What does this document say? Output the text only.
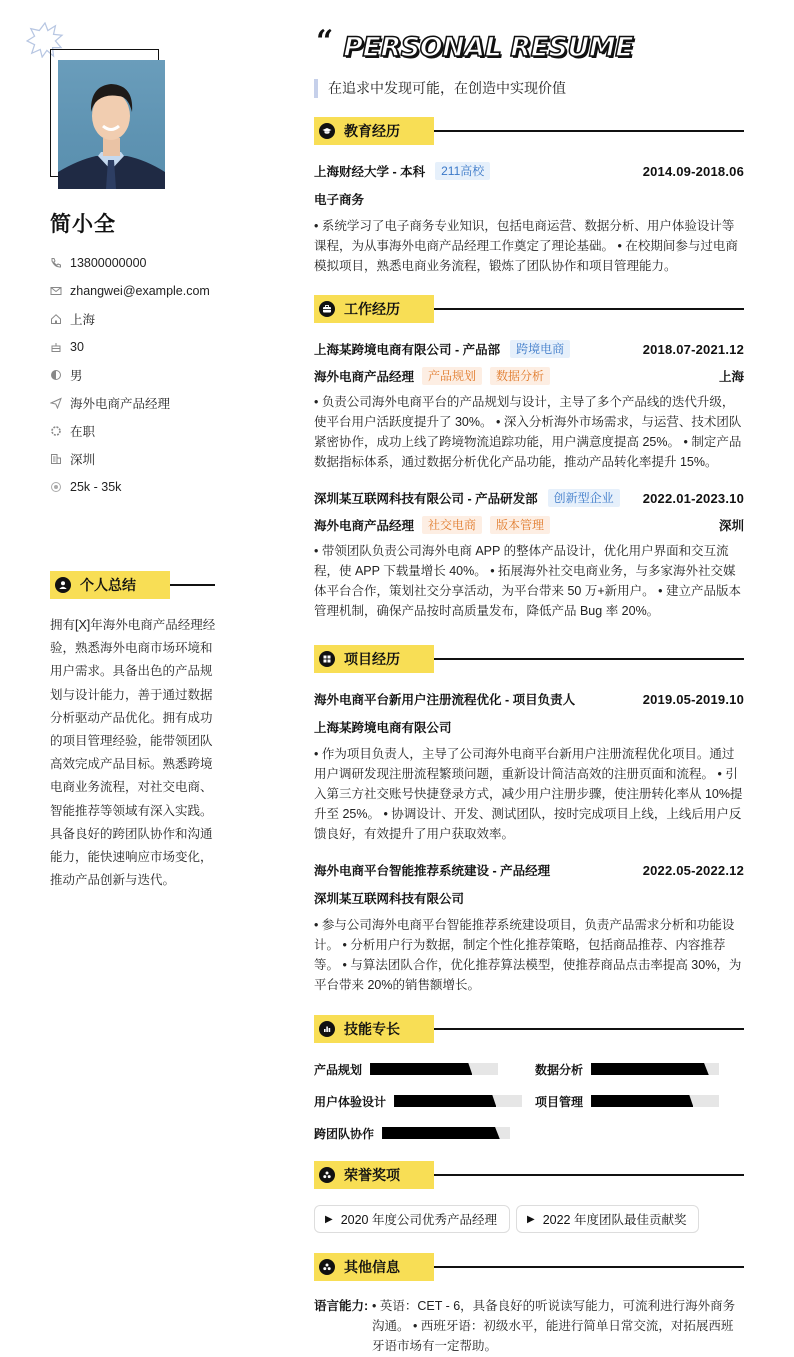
简小全
13800000000
zhangwei@example.com
上海
30
男
海外电商产品经理
在职
深圳
25k - 35k
个人总结
拥有[X]年海外电商产品经理经验，熟悉海外电商市场环境和用户需求。具备出色的产品规划与设计能力，善于通过数据分析驱动产品优化。拥有成功的项目管理经验，能带领团队高效完成产品目标。熟悉跨境电商业务流程，对社交电商、智能推荐等领域有深入实践。具备良好的跨团队协作和沟通能力，能快速响应市场变化，推动产品创新与迭代。
“ PERSONAL RESUME
在追求中发现可能，在创造中实现价值
教育经历
上海财经大学 - 本科	211高校	2014.09-2018.06
电子商务
• 系统学习了电子商务专业知识，包括电商运营、数据分析、用户体验设计等课程，为从事海外电商产品经理工作奠定了理论基础。 • 在校期间参与过电商模拟项目，熟悉电商业务流程，锻炼了团队协作和项目管理能力。
工作经历
上海某跨境电商有限公司 - 产品部	跨境电商	2018.07-2021.12
海外电商产品经理	产品规划	数据分析	上海
• 负责公司海外电商平台的产品规划与设计，主导了多个产品线的迭代升级，使平台用户活跃度提升了 30%。 • 深入分析海外市场需求，与运营、技术团队紧密协作，成功上线了跨境物流追踪功能，用户满意度提高 25%。 • 制定产品数据指标体系，通过数据分析优化产品功能，推动产品转化率提升 15%。
深圳某互联网科技有限公司 - 产品研发部	创新型企业	2022.01-2023.10
海外电商产品经理	社交电商	版本管理	深圳
• 带领团队负责公司海外电商 APP 的整体产品设计，优化用户界面和交互流程，使 APP 下载量增长 40%。 • 拓展海外社交电商业务，与多家海外社交媒体平台合作，策划社交分享活动，为平台带来 50 万+新用户。 • 建立产品版本管理机制，确保产品按时高质量发布，降低产品 Bug 率 20%。
项目经历
海外电商平台新用户注册流程优化 - 项目负责人	2019.05-2019.10
上海某跨境电商有限公司
• 作为项目负责人，主导了公司海外电商平台新用户注册流程优化项目。通过用户调研发现注册流程繁琐问题，重新设计简洁高效的注册页面和流程。 • 引入第三方社交账号快捷登录方式，减少用户注册步骤，使注册转化率从 10%提升至 25%。 • 协调设计、开发、测试团队，按时完成项目上线，上线后用户反馈良好，有效提升了用户获取效率。
海外电商平台智能推荐系统建设 - 产品经理	2022.05-2022.12
深圳某互联网科技有限公司
• 参与公司海外电商平台智能推荐系统建设项目，负责产品需求分析和功能设计。 • 分析用户行为数据，制定个性化推荐策略，包括商品推荐、内容推荐等。 • 与算法团队合作，优化推荐算法模型，使推荐商品点击率提高 30%，为平台带来 20%的销售额增长。
技能专长
产品规划	数据分析
用户体验设计	项目管理
跨团队协作
荣誉奖项
▶ 2020 年度公司优秀产品经理	▶ 2022 年度团队最佳贡献奖
其他信息
语言能力: • 英语：CET - 6，具备良好的听说读写能力，可流利进行海外商务沟通。 • 西班牙语：初级水平，能进行简单日常交流，对拓展西班牙语市场有一定帮助。
